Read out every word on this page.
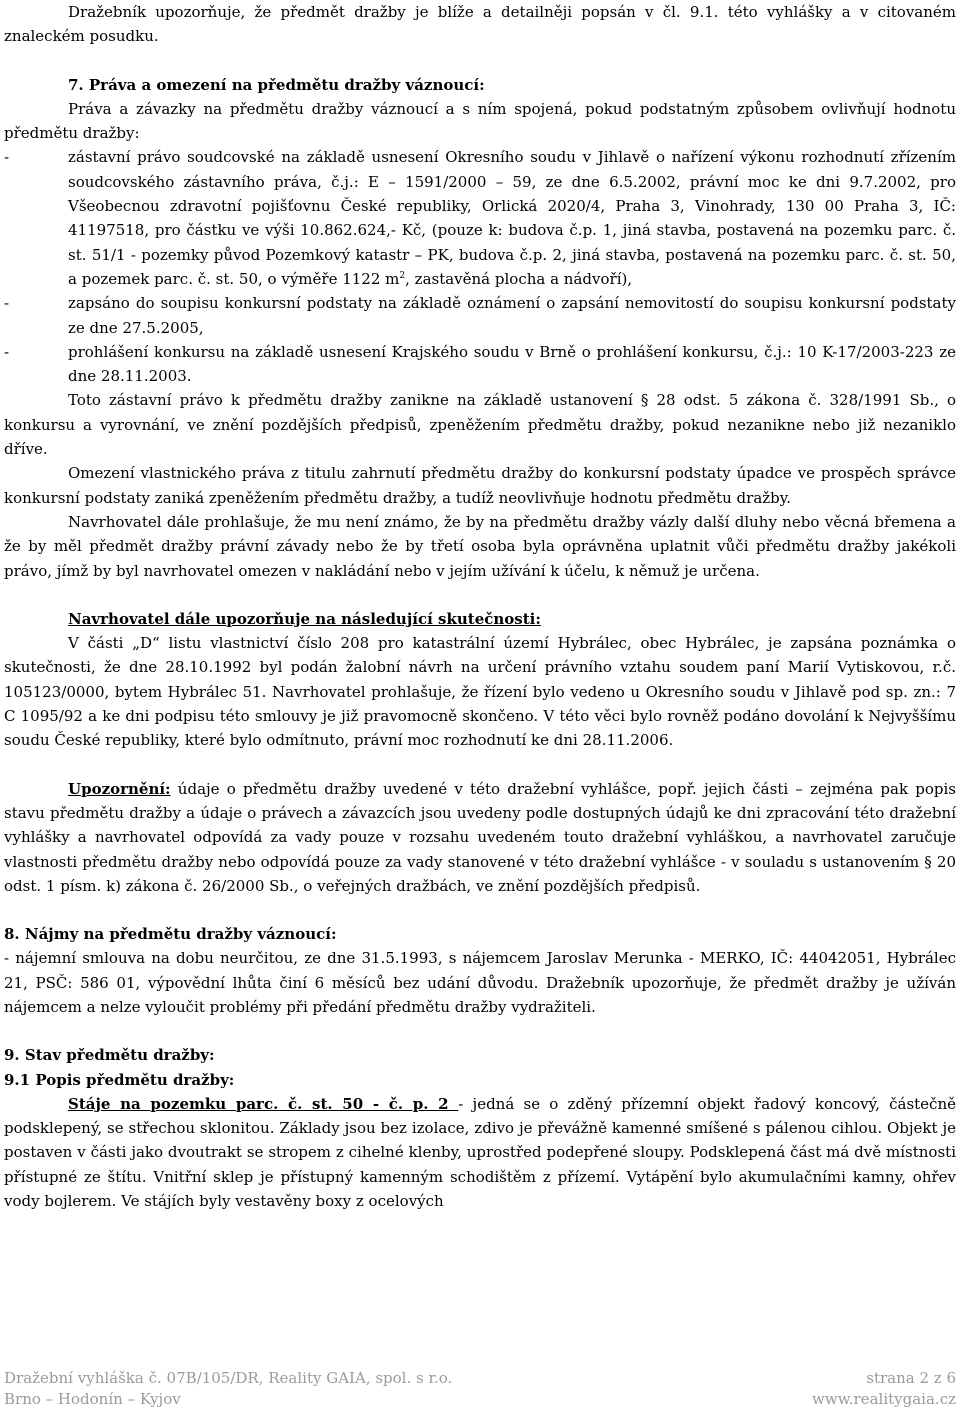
Dražebník upozorňuje, že předmět dražby je blíže a detailněji popsán v čl. 9.1. této vyhlášky a v citovaném znaleckém posudku.

7. Práva a omezení na předmětu dražby váznoucí:

Práva a závazky na předmětu dražby váznoucí a s ním spojená, pokud podstatným způsobem ovlivňují hodnotu předmětu dražby:

- zástavní právo soudcovské na základě usnesení Okresního soudu v Jihlavě o nařízení výkonu rozhodnutí zřízením soudcovského zástavního práva, č.j.: E – 1591/2000 – 59, ze dne 6.5.2002, právní moc ke dni 9.7.2002, pro Všeobecnou zdravotní pojišťovnu České republiky, Orlická 2020/4, Praha 3, Vinohrady, 130 00 Praha 3, IČ: 41197518, pro částku ve výši 10.862.624,- Kč, (pouze k: budova č.p. 1, jiná stavba, postavená na pozemku parc. č. st. 51/1 - pozemky původ Pozemkový katastr – PK, budova č.p. 2, jiná stavba, postavená na pozemku parc. č. st. 50, a pozemek parc. č. st. 50, o výměře 1122 $m^2$, zastavěná plocha a nádvoří),
- zapsáno do soupisu konkursní podstaty na základě oznámení o zapsání nemovitostí do soupisu konkursní podstaty ze dne 27.5.2005,
- prohlášení konkursu na základě usnesení Krajského soudu v Brně o prohlášení konkursu, č.j.: 10 K-17/2003-223 ze dne 28.11.2003.

Toto zástavní právo k předmětu dražby zanikne na základě ustanovení § 28 odst. 5 zákona č. 328/1991 Sb., o konkursu a vyrovnání, ve znění pozdějších předpisů, zpeněžením předmětu dražby, pokud nezanikne nebo již nezaniklo dříve.

Omezení vlastnického práva z titulu zahrnutí předmětu dražby do konkursní podstaty úpadce ve prospěch správce konkursní podstaty zaniká zpeněžením předmětu dražby, a tudíž neovlivňuje hodnotu předmětu dražby.

Navrhovatel dále prohlašuje, že mu není známo, že by na předmětu dražby vázly další dluhy nebo věcná břemena a že by měl předmět dražby právní závady nebo že by třetí osoba byla oprávněna uplatnit vůči předmětu dražby jakékoli právo, jímž by byl navrhovatel omezen v nakládání nebo v jejím užívání k účelu, k němuž je určena.

Navrhovatel dále upozorňuje na následující skutečnosti:

V části „D“ listu vlastnictví číslo 208 pro katastrální území Hybrálec, obec Hybrálec, je zapsána poznámka o skutečnosti, že dne 28.10.1992 byl podán žalobní návrh na určení právního vztahu soudem paní Marií Vytiskovou, r.č. 105123/0000, bytem Hybrálec 51. Navrhovatel prohlašuje, že řízení bylo vedeno u Okresního soudu v Jihlavě pod sp. zn.: 7 C 1095/92 a ke dni podpisu této smlouvy je již pravomocně skončeno. V této věci bylo rovněž podáno dovolání k Nejvyššímu soudu České republiky, které bylo odmítnuto, právní moc rozhodnutí ke dni 28.11.2006.

Upozornění: údaje o předmětu dražby uvedené v této dražební vyhlášce, popř. jejich části – zejména pak popis stavu předmětu dražby a údaje o právech a závazcích jsou uvedeny podle dostupných údajů ke dni zpracování této dražební vyhlášky a navrhovatel odpovídá za vady pouze v rozsahu uvedeném touto dražební vyhláškou, a navrhovatel zaručuje vlastnosti předmětu dražby nebo odpovídá pouze za vady stanovené v této dražební vyhlášce - v souladu s ustanovením § 20 odst. 1 písm. k) zákona č. 26/2000 Sb., o veřejných dražbách, ve znění pozdějších předpisů.

8. Nájmy na předmětu dražby váznoucí:

- nájemní smlouva na dobu neurčitou, ze dne 31.5.1993, s nájemcem Jaroslav Merunka - MERKO, IČ: 44042051, Hybrálec 21, PSČ: 586 01, výpovědní lhůta činí 6 měsíců bez udání důvodu. Dražebník upozorňuje, že předmět dražby je užíván nájemcem a nelze vyloučit problémy při předání předmětu dražby vydražiteli.

9. Stav předmětu dražby:

9.1 Popis předmětu dražby:

Stáje na pozemku parc. č. st. 50 - č. p. 2 - jedná se o zděný přízemní objekt řadový koncový, částečně podsklepený, se střechou sklonitou. Základy jsou bez izolace, zdivo je převážně kamenné smíšené s pálenou cihlou. Objekt je postaven v části jako dvoutrakt se stropem z cihelné klenby, uprostřed podepřené sloupy. Podsklepená část má dvě místnosti přístupné ze štítu. Vnitřní sklep je přístupný kamenným schodištěm z přízemí. Vytápění bylo akumulačními kamny, ohřev vody bojlerem. Ve stájích byly vestavěny boxy z ocelových

Dražební vyhláška č. 07B/105/DR, Reality GAIA, spol. s r.o.	strana 2 z 6
Brno – Hodonín – Kyjov	www.realitygaia.cz
